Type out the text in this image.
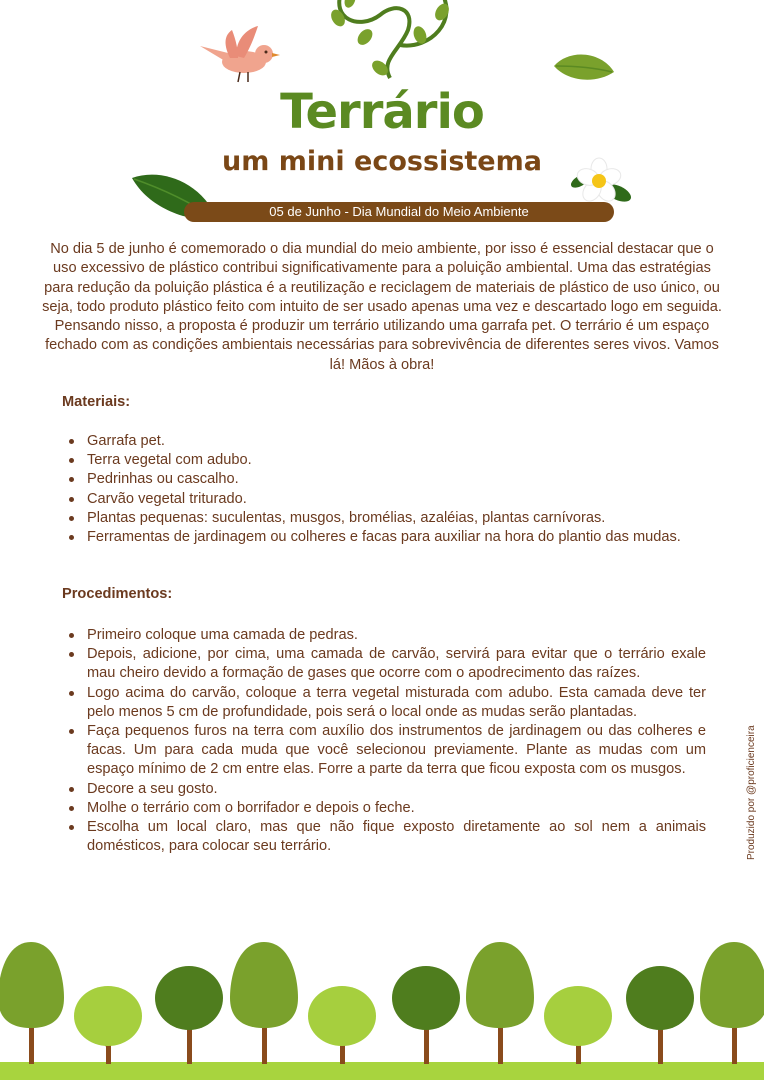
Terrário
um mini ecossistema
05 de Junho - Dia Mundial do Meio Ambiente

No dia 5 de junho é comemorado o dia mundial do meio ambiente, por isso é essencial destacar que o uso excessivo de plástico contribui significativamente para a poluição ambiental. Uma das estratégias para redução da poluição plástica é a reutilização e reciclagem de materiais de plástico de uso único, ou seja, todo produto plástico feito com intuito de ser usado apenas uma vez e descartado logo em seguida. Pensando nisso, a proposta é produzir um terrário utilizando uma garrafa pet. O terrário é um espaço fechado com as condições ambientais necessárias para sobrevivência de diferentes seres vivos. Vamos lá! Mãos à obra!

Materiais:
Garrafa pet.
Terra vegetal com adubo.
Pedrinhas ou cascalho.
Carvão vegetal triturado.
Plantas pequenas: suculentas, musgos, bromélias, azaléias, plantas carnívoras.
Ferramentas de jardinagem ou colheres e facas para auxiliar na hora do plantio das mudas.
Procedimentos:
Primeiro coloque uma camada de pedras.
Depois, adicione, por cima, uma camada de carvão, servirá para evitar que o terrário exale mau cheiro devido a formação de gases que ocorre com o apodrecimento das raízes.
Logo acima do carvão, coloque a terra vegetal misturada com adubo. Esta camada deve ter pelo menos 5 cm de profundidade, pois será o local onde as mudas serão plantadas.
Faça pequenos furos na terra com auxílio dos instrumentos de jardinagem ou das colheres e facas. Um para cada muda que você selecionou previamente. Plante as mudas com um espaço mínimo de 2 cm entre elas. Forre a parte da terra que ficou exposta com os musgos.
Decore a seu gosto.
Molhe o terrário com o borrifador e depois o feche.
Escolha um local claro, mas que não fique exposto diretamente ao sol nem a animais domésticos, para colocar seu terrário.	Produzido por @proficienceira
